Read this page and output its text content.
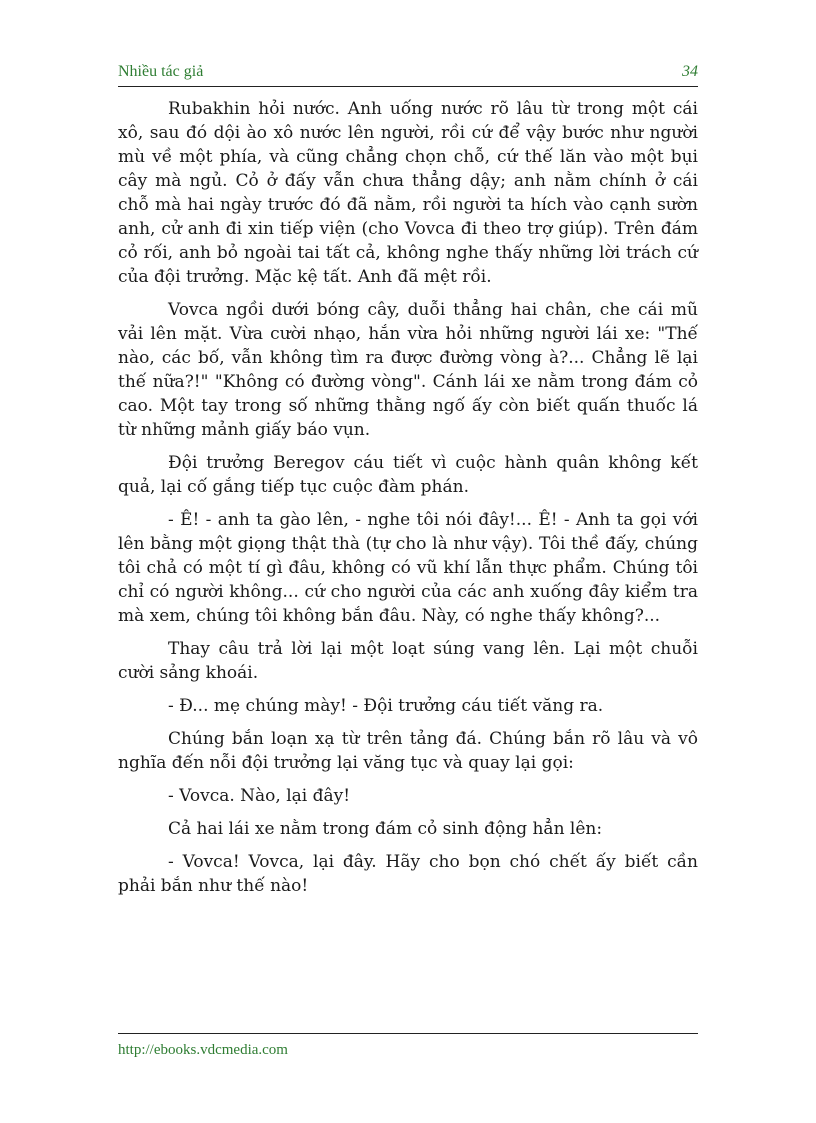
Nhiều tác giả	34

Rubakhin hỏi nước. Anh uống nước rõ lâu từ trong một cái xô, sau đó dội ào xô nước lên người, rồi cứ để vậy bước như người mù về một phía, và cũng chẳng chọn chỗ, cứ thế lăn vào một bụi cây mà ngủ. Cỏ ở đấy vẫn chưa thẳng dậy; anh nằm chính ở cái chỗ mà hai ngày trước đó đã nằm, rồi người ta hích vào cạnh sườn anh, cử anh đi xin tiếp viện (cho Vovca đi theo trợ giúp). Trên đám cỏ rối, anh bỏ ngoài tai tất cả, không nghe thấy những lời trách cứ của đội trưởng. Mặc kệ tất. Anh đã mệt rồi.

Vovca ngồi dưới bóng cây, duỗi thẳng hai chân, che cái mũ vải lên mặt. Vừa cười nhạo, hắn vừa hỏi những người lái xe: "Thế nào, các bố, vẫn không tìm ra được đường vòng à?... Chẳng lẽ lại thế nữa?!" "Không có đường vòng". Cánh lái xe nằm trong đám cỏ cao. Một tay trong số những thằng ngố ấy còn biết quấn thuốc lá từ những mảnh giấy báo vụn.

Đội trưởng Beregov cáu tiết vì cuộc hành quân không kết quả, lại cố gắng tiếp tục cuộc đàm phán.

- Ê! - anh ta gào lên, - nghe tôi nói đây!... Ê! - Anh ta gọi với lên bằng một giọng thật thà (tự cho là như vậy). Tôi thề đấy, chúng tôi chả có một tí gì đâu, không có vũ khí lẫn thực phẩm. Chúng tôi chỉ có người không... cứ cho người của các anh xuống đây kiểm tra mà xem, chúng tôi không bắn đâu. Này, có nghe thấy không?...

Thay câu trả lời lại một loạt súng vang lên. Lại một chuỗi cười sảng khoái.

- Đ... mẹ chúng mày! - Đội trưởng cáu tiết văng ra.

Chúng bắn loạn xạ từ trên tảng đá. Chúng bắn rõ lâu và vô nghĩa đến nỗi đội trưởng lại văng tục và quay lại gọi:

- Vovca. Nào, lại đây!

Cả hai lái xe nằm trong đám cỏ sinh động hẳn lên:

- Vovca! Vovca, lại đây. Hãy cho bọn chó chết ấy biết cần phải bắn như thế nào!

http://ebooks.vdcmedia.com
